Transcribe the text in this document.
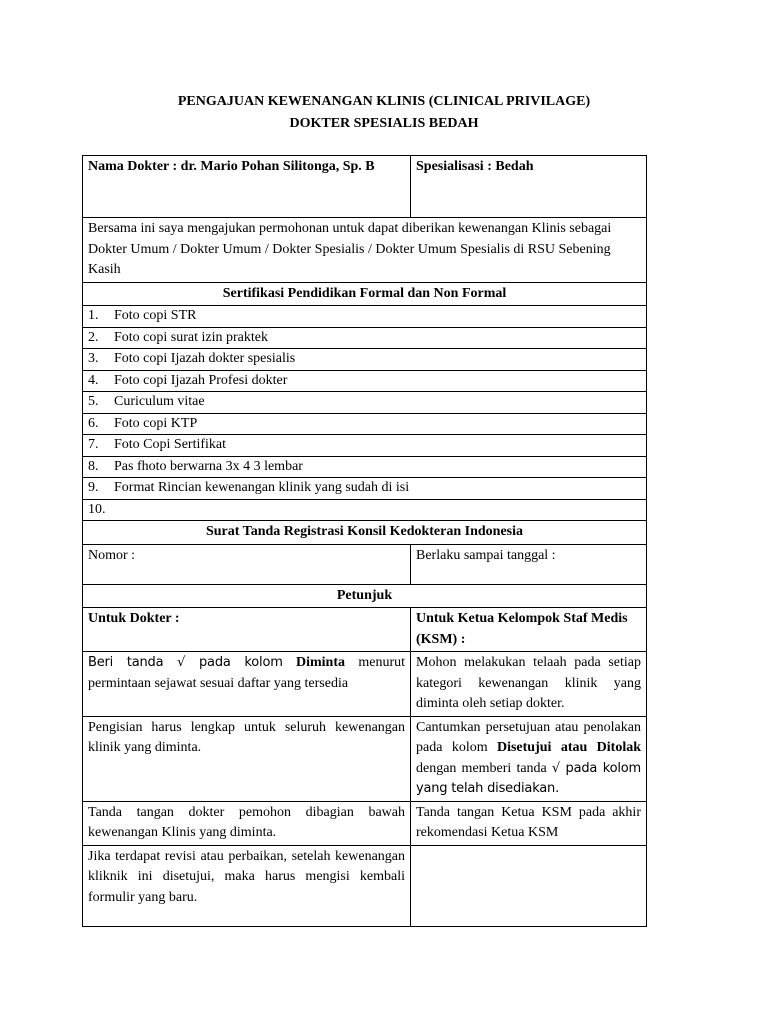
PENGAJUAN KEWENANGAN KLINIS (CLINICAL PRIVILAGE)
DOKTER SPESIALIS BEDAH
Nama Dokter : dr. Mario Pohan Silitonga, Sp. B	Spesialisasi : Bedah
Bersama ini saya mengajukan permohonan untuk dapat diberikan kewenangan Klinis sebagai Dokter Umum / Dokter Umum / Dokter Spesialis / Dokter Umum Spesialis di RSU Sebening Kasih	
Sertifikasi Pendidikan Formal dan Non Formal	
1. Foto copi STR	
2. Foto copi surat izin praktek	
3. Foto copi Ijazah dokter spesialis	
4. Foto copi Ijazah Profesi dokter	
5. Curiculum vitae	
6. Foto copi KTP	
7. Foto Copi Sertifikat	
8. Pas fhoto berwarna 3x 4 3 lembar	
9. Format Rincian kewenangan klinik yang sudah di isi	
10.	
Surat Tanda Registrasi Konsil Kedokteran Indonesia	
Nomor :	Berlaku sampai tanggal :
Petunjuk	
Untuk Dokter :	Untuk Ketua Kelompok Staf Medis (KSM) :
Beri tanda √ pada kolom Diminta menurut permintaan sejawat sesuai daftar yang tersedia	Mohon melakukan telaah pada setiap kategori kewenangan klinik yang diminta oleh setiap dokter.
Pengisian harus lengkap untuk seluruh kewenangan klinik yang diminta.	Cantumkan persetujuan atau penolakan pada kolom Disetujui atau Ditolak dengan memberi tanda √ pada kolom yang telah disediakan.
Tanda tangan dokter pemohon dibagian bawah kewenangan Klinis yang diminta.	Tanda tangan Ketua KSM pada akhir rekomendasi Ketua KSM
Jika terdapat revisi atau perbaikan, setelah kewenangan kliknik ini disetujui, maka harus mengisi kembali formulir yang baru.	
